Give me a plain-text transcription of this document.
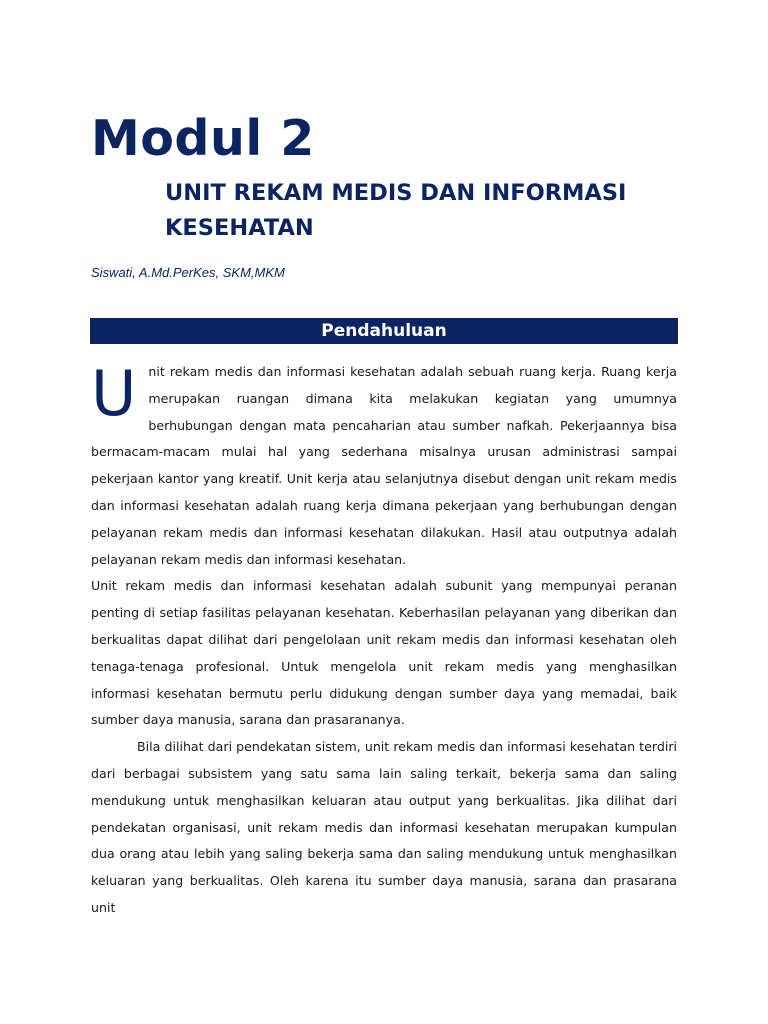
Modul 2
UNIT REKAM MEDIS DAN INFORMASI KESEHATAN
Siswati, A.Md.PerKes, SKM,MKM
Pendahuluan

Unit rekam medis dan informasi kesehatan adalah sebuah ruang kerja. Ruang kerja merupakan ruangan dimana kita melakukan kegiatan yang umumnya berhubungan dengan mata pencaharian atau sumber nafkah. Pekerjaannya bisa bermacam-macam mulai hal yang sederhana misalnya urusan administrasi sampai pekerjaan kantor yang kreatif. Unit kerja atau selanjutnya disebut dengan unit rekam medis dan informasi kesehatan adalah ruang kerja dimana pekerjaan yang berhubungan dengan pelayanan rekam medis dan informasi kesehatan dilakukan. Hasil atau outputnya adalah pelayanan rekam medis dan informasi kesehatan.

Unit rekam medis dan informasi kesehatan adalah subunit yang mempunyai peranan penting di setiap fasilitas pelayanan kesehatan. Keberhasilan pelayanan yang diberikan dan berkualitas dapat dilihat dari pengelolaan unit rekam medis dan informasi kesehatan oleh tenaga-tenaga profesional. Untuk mengelola unit rekam medis yang menghasilkan informasi kesehatan bermutu perlu didukung dengan sumber daya yang memadai, baik sumber daya manusia, sarana dan prasarananya.

Bila dilihat dari pendekatan sistem, unit rekam medis dan informasi kesehatan terdiri dari berbagai subsistem yang satu sama lain saling terkait, bekerja sama dan saling mendukung untuk menghasilkan keluaran atau output yang berkualitas. Jika dilihat dari pendekatan organisasi, unit rekam medis dan informasi kesehatan merupakan kumpulan dua orang atau lebih yang saling bekerja sama dan saling mendukung untuk menghasilkan keluaran yang berkualitas. Oleh karena itu sumber daya manusia, sarana dan prasarana unit
